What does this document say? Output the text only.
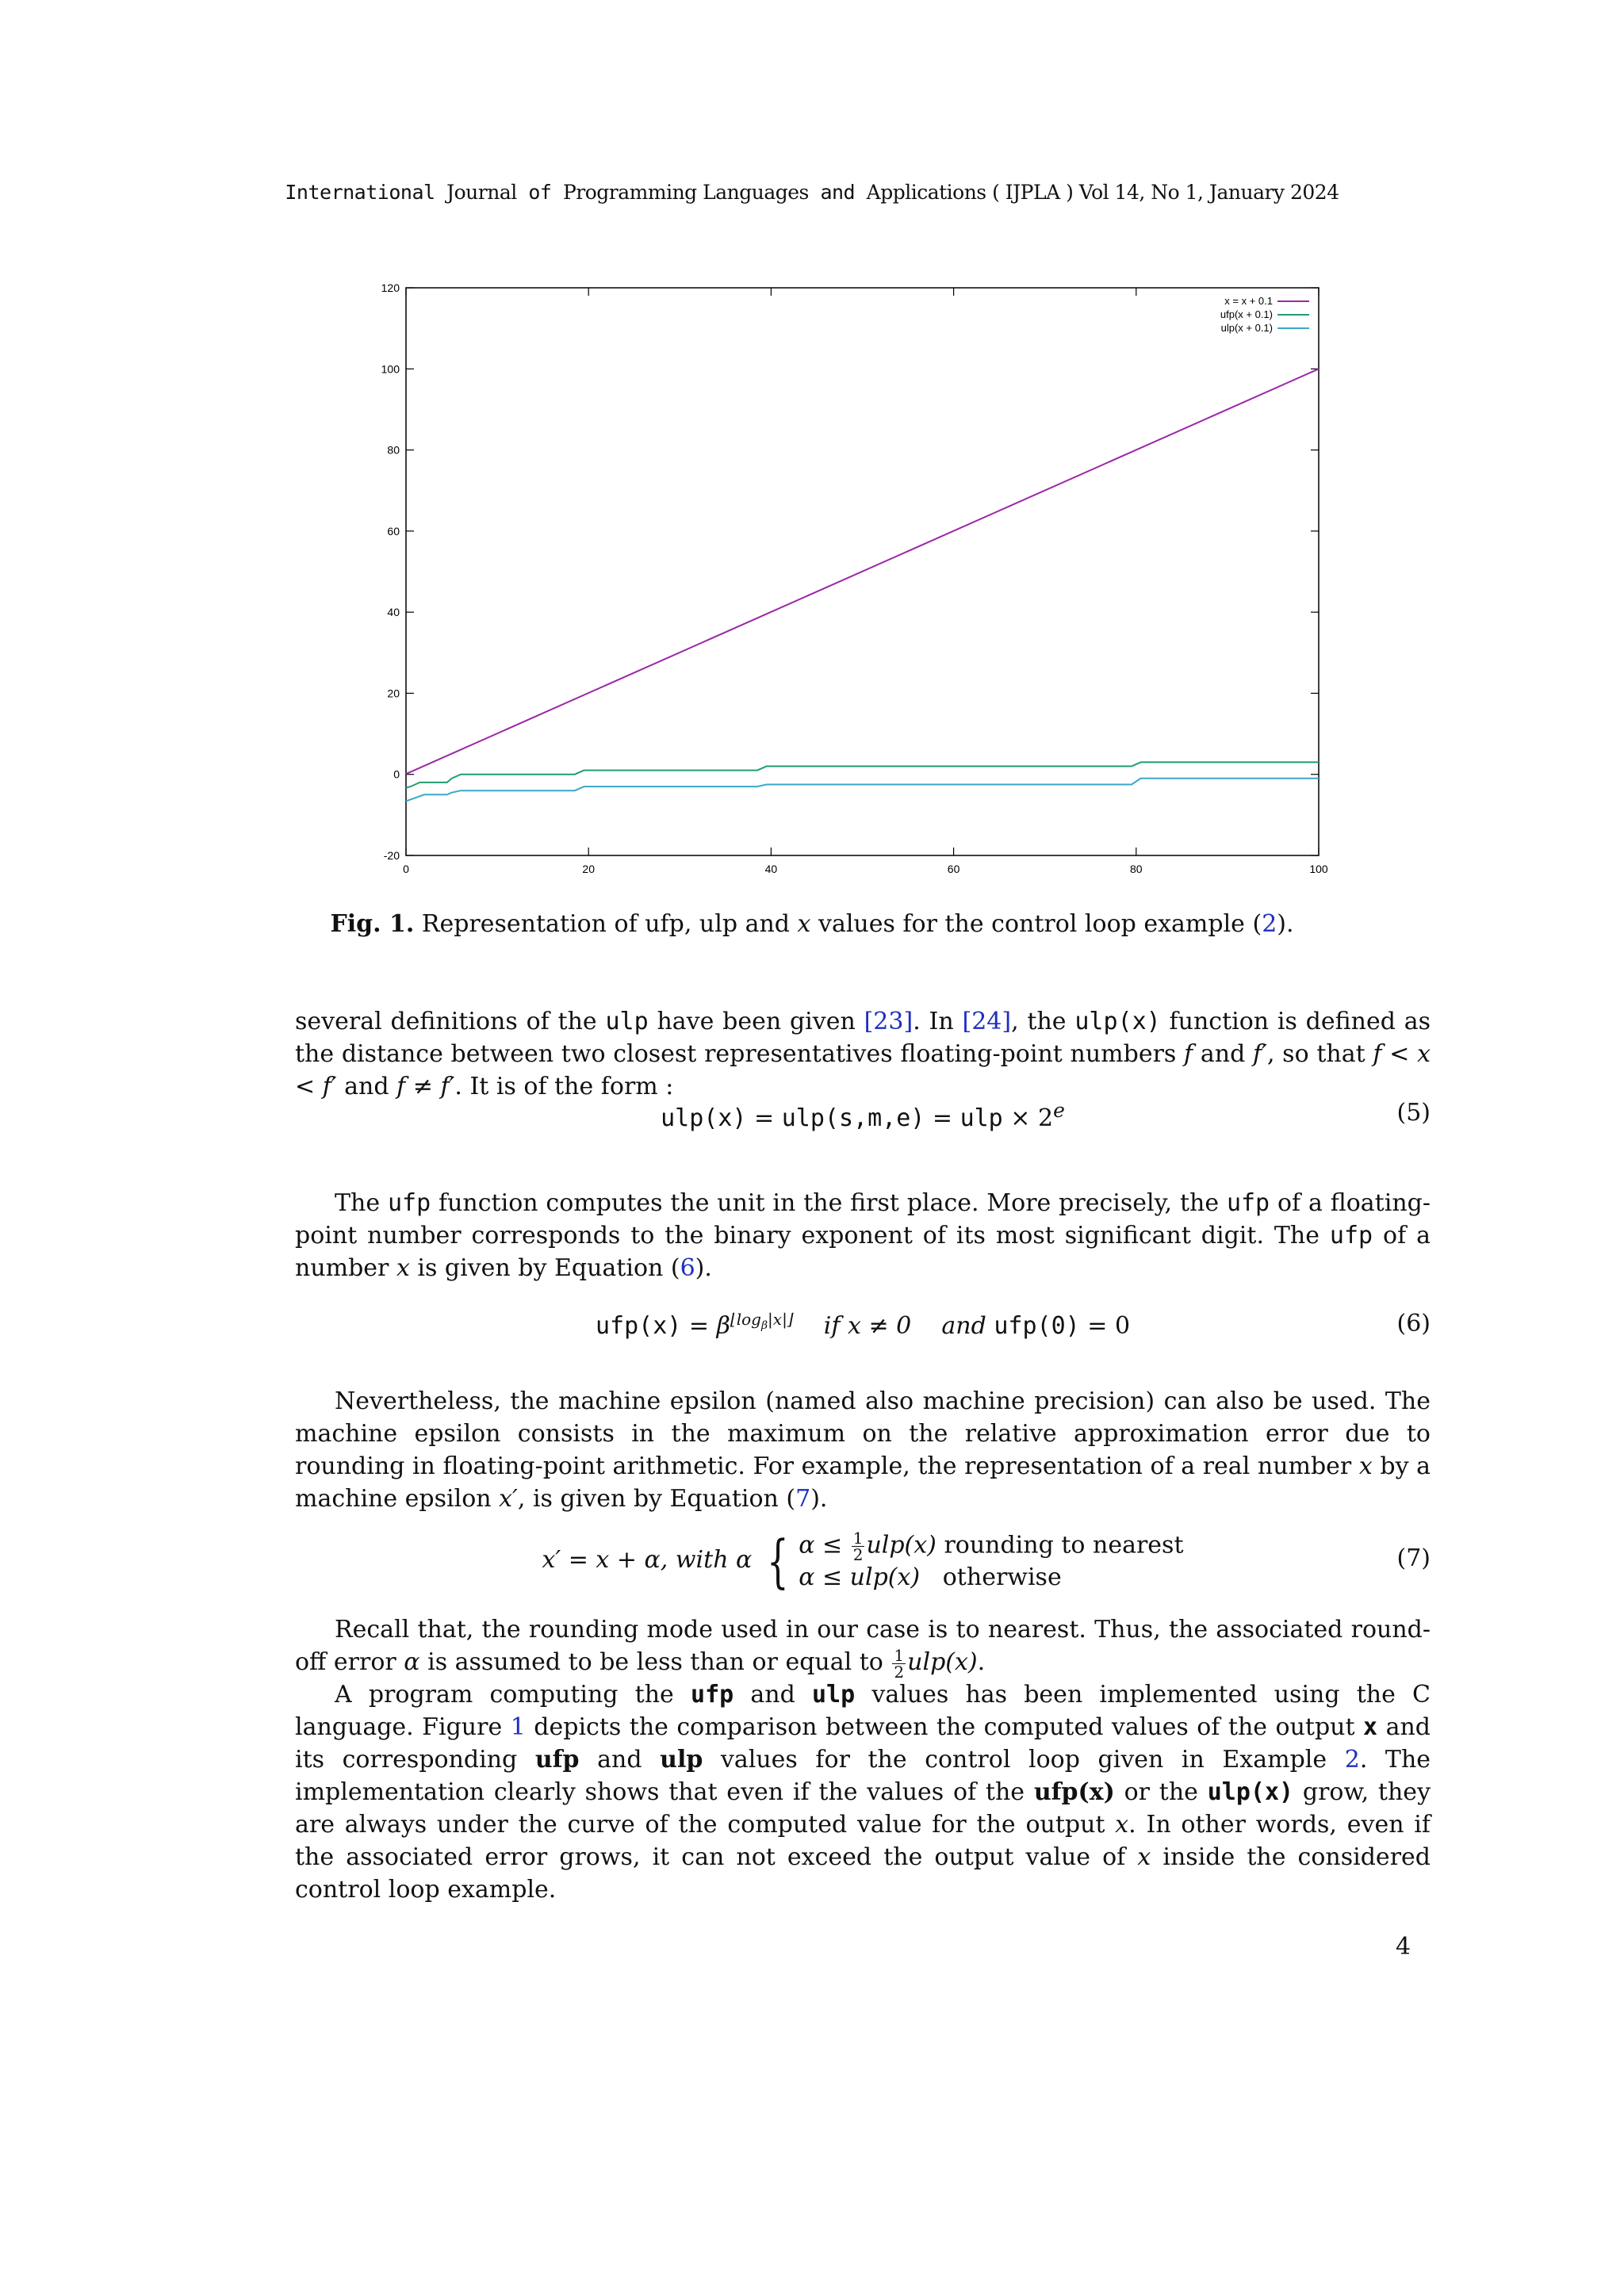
International Journal of Programming Languages and Applications ( IJPLA ) Vol 14, No 1, January 2024
0	20	40	60	80	100
-20
0
20
40
60
80
100
120
x = x + 0.1
ufp(x + 0.1)
ulp(x + 0.1)
Fig. 1. Representation of ufp, ulp and x values for the control loop example (2).
several definitions of the ulp have been given [23]. In [24], the ulp(x) function is defined as the distance between two closest representatives floating-point numbers f and f′, so that f < x < f′ and f ≠ f′. It is of the form :
ulp(x) = ulp(s,m,e) = ulp × $2^e$	(5)
The ufp function computes the unit in the first place. More precisely, the ufp of a floating-point number corresponds to the binary exponent of its most significant digit. The ufp of a number x is given by Equation (6).
$ufp(x) = \beta^{⌊log_\beta|x|⌋}$ if x ≠ 0 and ufp(0) = 0	(6)
Nevertheless, the machine epsilon (named also machine precision) can also be used. The machine epsilon consists in the maximum on the relative approximation error due to rounding in floating-point arithmetic. For example, the representation of a real number x by a machine epsilon x′, is given by Equation (7).
x′ = x + α, with α { $\alpha \le \frac{1}{2} ulp(x)$ rounding to nearest
α ≤ ulp(x) otherwise
(7)
Recall that, the rounding mode used in our case is to nearest. Thus, the associated round-off error α is assumed to be less than or equal to $\frac{1}{2} ulp(x)$.
A program computing the ufp and ulp values has been implemented using the C language. Figure 1 depicts the comparison between the computed values of the output x and its corresponding ufp and ulp values for the control loop given in Example 2. The implementation clearly shows that even if the values of the ufp(x) or the ulp(x) grow, they are always under the curve of the computed value for the output x. In other words, even if the associated error grows, it can not exceed the output value of x inside the considered control loop example.
4
